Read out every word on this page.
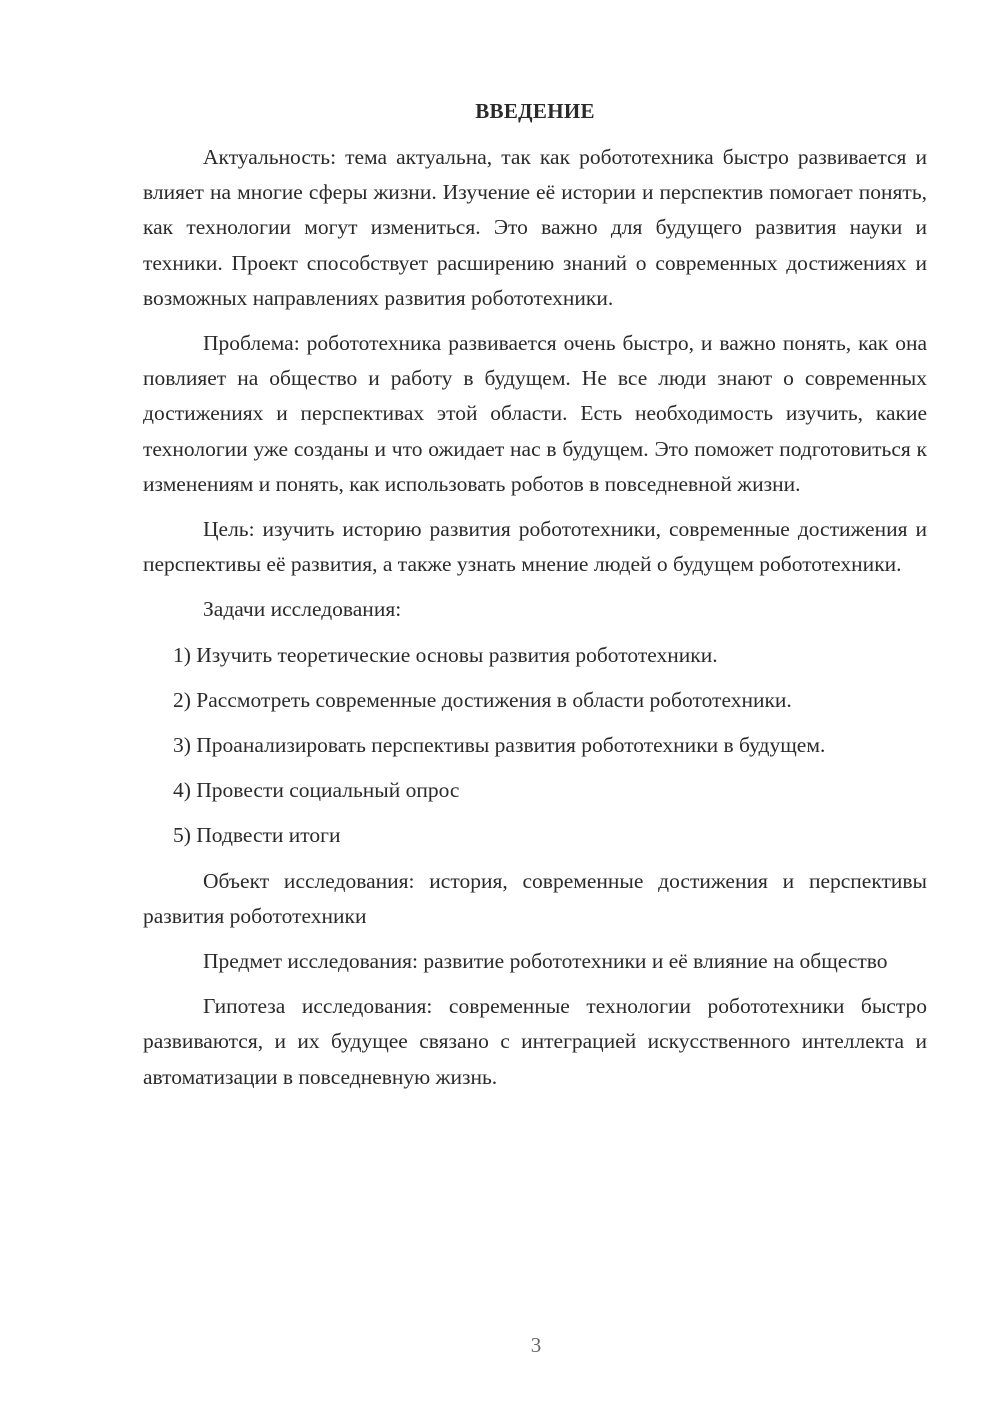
ВВЕДЕНИЕ

Актуальность: тема актуальна, так как робототехника быстро развивается и влияет на многие сферы жизни. Изучение её истории и перспектив помогает понять, как технологии могут измениться. Это важно для будущего развития науки и техники. Проект способствует расширению знаний о современных достижениях и возможных направлениях развития робототехники.

Проблема: робототехника развивается очень быстро, и важно понять, как она повлияет на общество и работу в будущем. Не все люди знают о современных достижениях и перспективах этой области. Есть необходимость изучить, какие технологии уже созданы и что ожидает нас в будущем. Это поможет подготовиться к изменениям и понять, как использовать роботов в повседневной жизни.

Цель: изучить историю развития робототехники, современные достижения и перспективы её развития, а также узнать мнение людей о будущем робототехники.

Задачи исследования:

1) Изучить теоретические основы развития робототехники.

2) Рассмотреть современные достижения в области робототехники.

3) Проанализировать перспективы развития робототехники в будущем.

4) Провести социальный опрос

5) Подвести итоги

Объект исследования: история, современные достижения и перспективы развития робототехники

Предмет исследования: развитие робототехники и её влияние на общество

Гипотеза исследования: современные технологии робототехники быстро развиваются, и их будущее связано с интеграцией искусственного интеллекта и автоматизации в повседневную жизнь.

3
